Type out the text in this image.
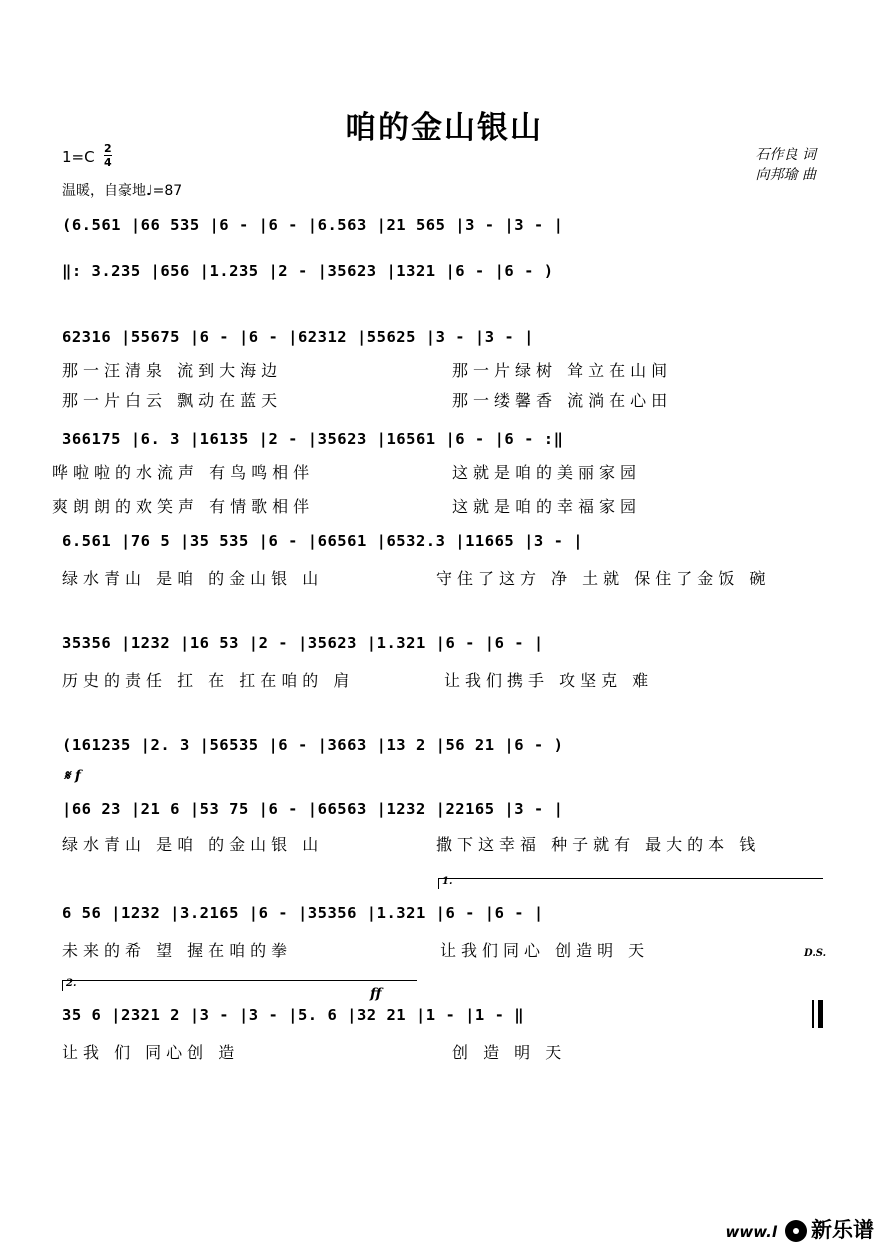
咱的金山银山
1=C 2
4
温暖，自豪地♩=87
石作良 词
向邦瑜 曲
(6.561 |66 535 |6 - |6 - |6.563 |21 565 |3 - |3 - |
‖: 3.235 |656 |1.235 |2 - |35623 |1321 |6 - |6 - )
62316 |55675 |6 - |6 - |62312 |55625 |3 - |3 - |
那一汪清泉 流到大海边	那一片绿树 耸立在山间
那一片白云 飘动在蓝天	那一缕馨香 流淌在心田
366175 |6. 3 |16135 |2 - |35623 |16561 |6 - |6 - :‖
哗啦啦的水流声 有鸟鸣相伴	这就是咱的美丽家园
爽朗朗的欢笑声 有情歌相伴	这就是咱的幸福家园
6.561 |76 5 |35 535 |6 - |66561 |6532.3 |11665 |3 - |
绿水青山 是咱 的金山银 山	守住了这方 净 土就 保住了金饭 碗
35356 |1232 |16 53 |2 - |35623 |1.321 |6 - |6 - |
历史的责任 扛 在 扛在咱的 肩	让我们携手 攻坚克 难
(161235 |2. 3 |56535 |6 - |3663 |13 2 |56 21 |6 - )
𝄋 f
|66 23 |21 6 |53 75 |6 - |66563 |1232 |22165 |3 - |
绿水青山 是咱 的金山银 山	撒下这幸福 种子就有 最大的本 钱
1.
6 56 |1232 |3.2165 |6 - |35356 |1.321 |6 - |6 - |
未来的希 望 握在咱的拳	让我们同心 创造明 天	D.S.
2.
ff
35 6 |2321 2 |3 - |3 - |5. 6 |32 21 |1 - |1 - ‖
让我 们 同心创 造	创 造 明 天
www.l 新乐谱
